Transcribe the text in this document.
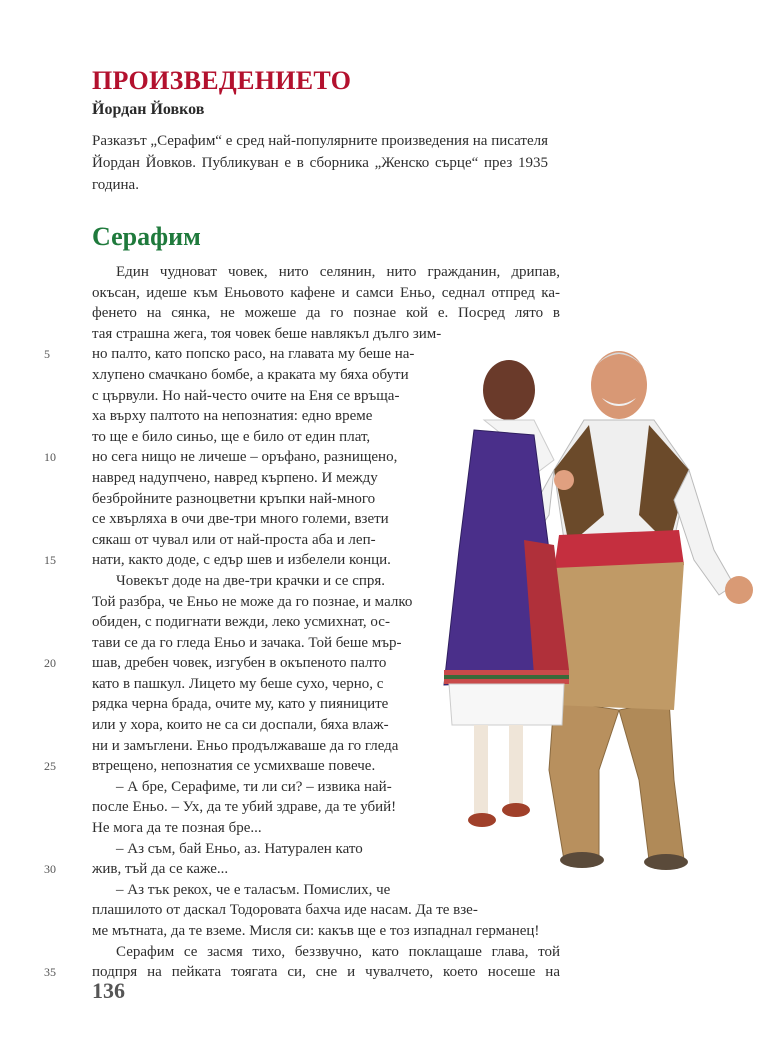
ПРОИЗВЕДЕНИЕТО
Йордан Йовков

Разказът „Серафим“ е сред най-популярните произведения на писателя Йордан Йовков. Публикуван е в сборника „Женско сърце“ през 1935 година.

Серафим
Един чудноват човек, нито селянин, нито гражданин, дрипав,
окъсан, идеше към Еньовото кафене и самси Еньо, седнал отпред ка-
фенето на сянка, не можеше да го познае кой е. Посред лято в
тая страшна жега, тоя човек беше навлякъл дълго зим-
5	но палто, като попско расо, на главата му беше на-
хлупено смачкано бомбе, а краката му бяха обути
с цървули. Но най-често очите на Еня се връща-
ха върху палтото на непознатия: едно време
то ще е било синьо, ще е било от един плат,
10 но сега нищо не личеше – оръфано, разнищено,
навред надупчено, навред кърпено. И между
безбройните разноцветни кръпки най-много
се хвърляха в очи две-три много големи, взети
сякаш от чувал или от най-проста аба и леп-
15 нати, както доде, с едър шев и избелели конци.
Човекът доде на две-три крачки и се спря.
Той разбра, че Еньо не може да го познае, и малко
обиден, с подигнати вежди, леко усмихнат, ос-
тави се да го гледа Еньо и зачака. Той беше мър-
20 шав, дребен човек, изгубен в окъпеното палто
като в пашкул. Лицето му беше сухо, черно, с
рядка черна брада, очите му, като у пияниците
или у хора, които не са си доспали, бяха влаж-
ни и замъглени. Еньо продължаваше да го гледа
25 втрещено, непознатия се усмихваше повече.
– А бре, Серафиме, ти ли си? – извика най-
после Еньо. – Ух, да те убий здраве, да те убий!
Не мога да те позная бре...
– Аз съм, бай Еньо, аз. Натурален като
30 жив, тъй да се каже...
– Аз тък рекох, че е таласъм. Помислих, че
плашилото от даскал Тодоровата бахча иде насам. Да те взе-
ме мътната, да те вземе. Мисля си: какъв ще е тоз изпаднал германец!
Серафим се засмя тихо, беззвучно, като поклащаше глава, той
35 подпря на пейката тоягата си, сне и чувалчето, което носеше на
136
